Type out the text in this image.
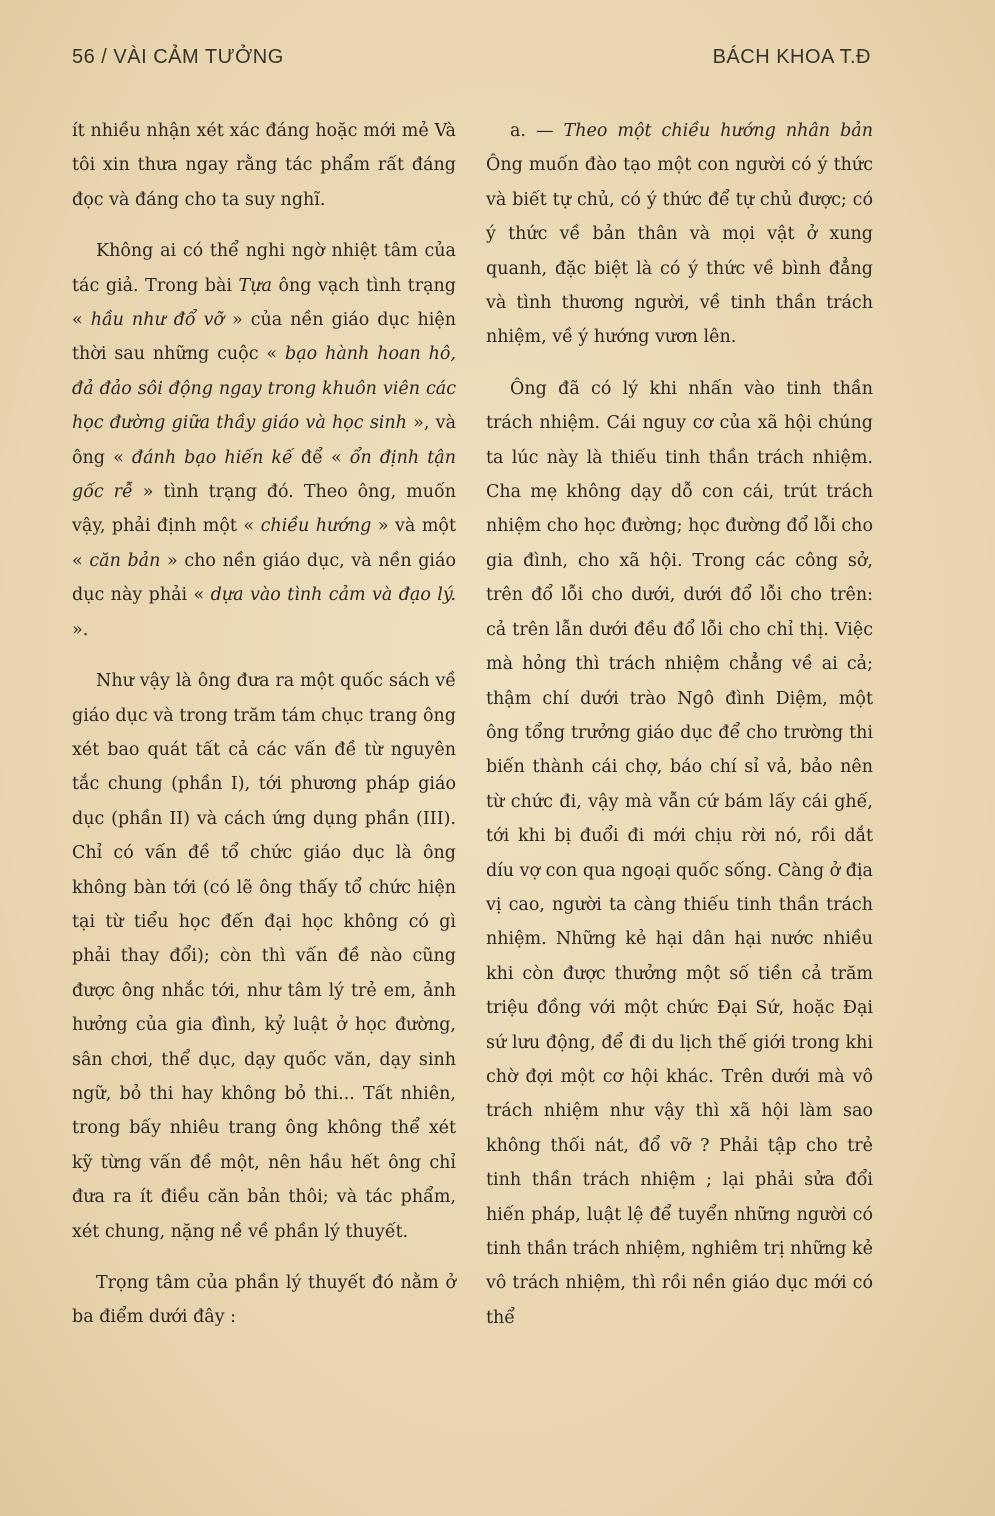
56 / VÀI CẢM TƯỞNG	BÁCH KHOA T.Đ

ít nhiều nhận xét xác đáng hoặc mới mẻ Và tôi xin thưa ngay rằng tác phẩm rất đáng đọc và đáng cho ta suy nghĩ.

Không ai có thể nghi ngờ nhiệt tâm của tác giả. Trong bài Tựa ông vạch tình trạng « hầu như đổ vỡ » của nền giáo dục hiện thời sau những cuộc « bạo hành hoan hô, đả đảo sôi động ngay trong khuôn viên các học đường giữa thầy giáo và học sinh », và ông « đánh bạo hiến kế để « ổn định tận gốc rễ » tình trạng đó. Theo ông, muốn vậy, phải định một « chiều hướng » và một « căn bản » cho nền giáo dục, và nền giáo dục này phải « dựa vào tình cảm và đạo lý. ».

Như vậy là ông đưa ra một quốc sách về giáo dục và trong trăm tám chục trang ông xét bao quát tất cả các vấn đề từ nguyên tắc chung (phần I), tới phương pháp giáo dục (phần II) và cách ứng dụng phần (III). Chỉ có vấn đề tổ chức giáo dục là ông không bàn tới (có lẽ ông thấy tổ chức hiện tại từ tiểu học đến đại học không có gì phải thay đổi); còn thì vấn đề nào cũng được ông nhắc tới, như tâm lý trẻ em, ảnh hưởng của gia đình, kỷ luật ở học đường, sân chơi, thể dục, dạy quốc văn, dạy sinh ngữ, bỏ thi hay không bỏ thi... Tất nhiên, trong bấy nhiêu trang ông không thể xét kỹ từng vấn đề một, nên hầu hết ông chỉ đưa ra ít điều căn bản thôi; và tác phẩm, xét chung, nặng nề về phần lý thuyết.

Trọng tâm của phần lý thuyết đó nằm ở ba điểm dưới đây :

a. — Theo một chiều hướng nhân bản Ông muốn đào tạo một con người có ý thức và biết tự chủ, có ý thức để tự chủ được; có ý thức về bản thân và mọi vật ở xung quanh, đặc biệt là có ý thức về bình đẳng và tình thương người, về tinh thần trách nhiệm, về ý hướng vươn lên.

Ông đã có lý khi nhấn vào tinh thần trách nhiệm. Cái nguy cơ của xã hội chúng ta lúc này là thiếu tinh thần trách nhiệm. Cha mẹ không dạy dỗ con cái, trút trách nhiệm cho học đường; học đường đổ lỗi cho gia đình, cho xã hội. Trong các công sở, trên đổ lỗi cho dưới, dưới đổ lỗi cho trên: cả trên lẫn dưới đều đổ lỗi cho chỉ thị. Việc mà hỏng thì trách nhiệm chẳng về ai cả; thậm chí dưới trào Ngô đình Diệm, một ông tổng trưởng giáo dục để cho trường thi biến thành cái chợ, báo chí sỉ vả, bảo nên từ chức đi, vậy mà vẫn cứ bám lấy cái ghế, tới khi bị đuổi đi mới chịu rời nó, rồi dắt díu vợ con qua ngoại quốc sống. Càng ở địa vị cao, người ta càng thiếu tinh thần trách nhiệm. Những kẻ hại dân hại nước nhiều khi còn được thưởng một số tiền cả trăm triệu đồng với một chức Đại Sứ, hoặc Đại sứ lưu động, để đi du lịch thế giới trong khi chờ đợi một cơ hội khác. Trên dưới mà vô trách nhiệm như vậy thì xã hội làm sao không thối nát, đổ vỡ ? Phải tập cho trẻ tinh thần trách nhiệm ; lại phải sửa đổi hiến pháp, luật lệ để tuyển những người có tinh thần trách nhiệm, nghiêm trị những kẻ vô trách nhiệm, thì rồi nền giáo dục mới có thể
